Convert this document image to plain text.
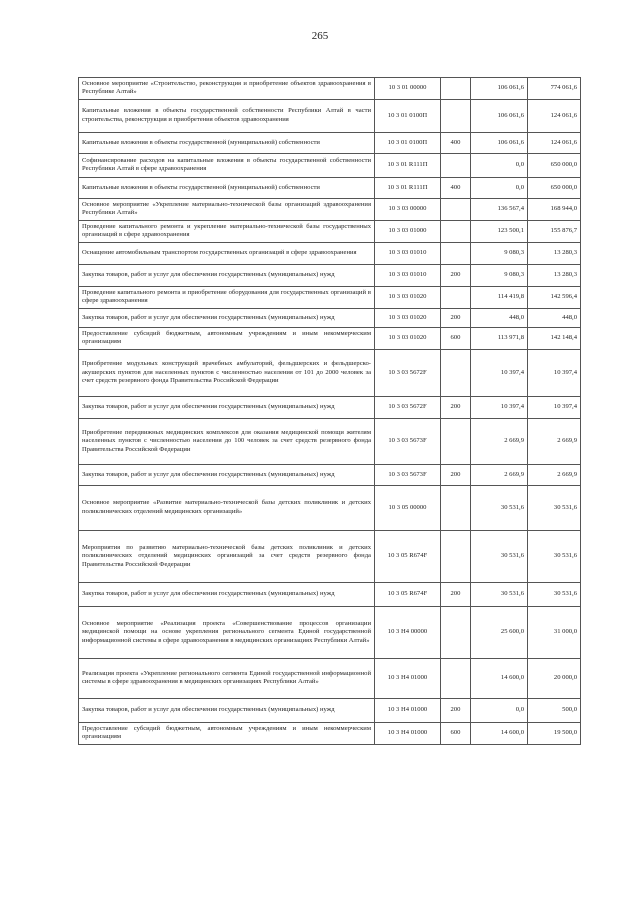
265
Основное мероприятие «Строительство, реконструкция и приобретение объектов здравоохранения в Республике Алтай»	10 3 01 00000		106 061,6	774 061,6
Капитальные вложения в объекты государственной собственности Республики Алтай в части строительства, реконструкция и приобретения объектов здравоохранения	10 3 01 0100П		106 061,6	124 061,6
Капитальные вложения в объекты государственной (муниципальной) собственности	10 3 01 0100П	400	106 061,6	124 061,6
Софинансирование расходов на капитальные вложения в объекты государственной собственности Республики Алтай в сфере здравоохранения	10 3 01 R111П		0,0	650 000,0
Капитальные вложения в объекты государственной (муниципальной) собственности	10 3 01 R111П	400	0,0	650 000,0
Основное мероприятие «Укрепление материально-технической базы организаций здравоохранения Республики Алтай»	10 3 03 00000		136 567,4	168 944,0
Проведение капитального ремонта и укрепление материально-технической базы государственных организаций в сфере здравоохранения	10 3 03 01000		123 500,1	155 876,7
Оснащение автомобильным транспортом государственных организаций в сфере здравоохранения	10 3 03 01010		9 080,3	13 280,3
Закупка товаров, работ и услуг для обеспечения государственных (муниципальных) нужд	10 3 03 01010	200	9 080,3	13 280,3
Проведение капитального ремонта и приобретение оборудования для государственных организаций в сфере здравоохранения	10 3 03 01020		114 419,8	142 596,4
Закупка товаров, работ и услуг для обеспечения государственных (муниципальных) нужд	10 3 03 01020	200	448,0	448,0
Предоставление субсидий бюджетным, автономным учреждениям и иным некоммерческим организациям	10 3 03 01020	600	113 971,8	142 148,4
Приобретение модульных конструкций врачебных амбулаторий, фельдшерских и фельдшерско-акушерских пунктов для населенных пунктов с численностью населения от 101 до 2000 человек за счет средств резервного фонда Правительства Российской Федерации	10 3 03 5672F		10 397,4	10 397,4
Закупка товаров, работ и услуг для обеспечения государственных (муниципальных) нужд	10 3 03 5672F	200	10 397,4	10 397,4
Приобретение передвижных медицинских комплексов для оказания медицинской помощи жителям населенных пунктов с численностью населения до 100 человек за счет средств резервного фонда Правительства Российской Федерации	10 3 03 5673F		2 669,9	2 669,9
Закупка товаров, работ и услуг для обеспечения государственных (муниципальных) нужд	10 3 03 5673F	200	2 669,9	2 669,9
Основное мероприятие «Развитие материально-технической базы детских поликлиник и детских поликлинических отделений медицинских организаций»	10 3 05 00000		30 531,6	30 531,6
Мероприятия по развитию материально-технической базы детских поликлиник и детских поликлинических отделений медицинских организаций за счет средств резервного фонда Правительства Российской Федерации	10 3 05 R674F		30 531,6	30 531,6
Закупка товаров, работ и услуг для обеспечения государственных (муниципальных) нужд	10 3 05 R674F	200	30 531,6	30 531,6
Основное мероприятие «Реализация проекта «Совершенствование процессов организации медицинской помощи на основе укрепления регионального сегмента Единой государственной информационной системы в сфере здравоохранения в медицинских организациях Республики Алтай»	10 3 Н4 00000		25 600,0	31 000,0
Реализация проекта «Укрепление регионального сегмента Единой государственной информационной системы в сфере здравоохранения в медицинских организациях Республики Алтай»	10 3 Н4 01000		14 600,0	20 000,0
Закупка товаров, работ и услуг для обеспечения государственных (муниципальных) нужд	10 3 Н4 01000	200	0,0	500,0
Предоставление субсидий бюджетным, автономным учреждениям и иным некоммерческим организациям	10 3 Н4 01000	600	14 600,0	19 500,0
